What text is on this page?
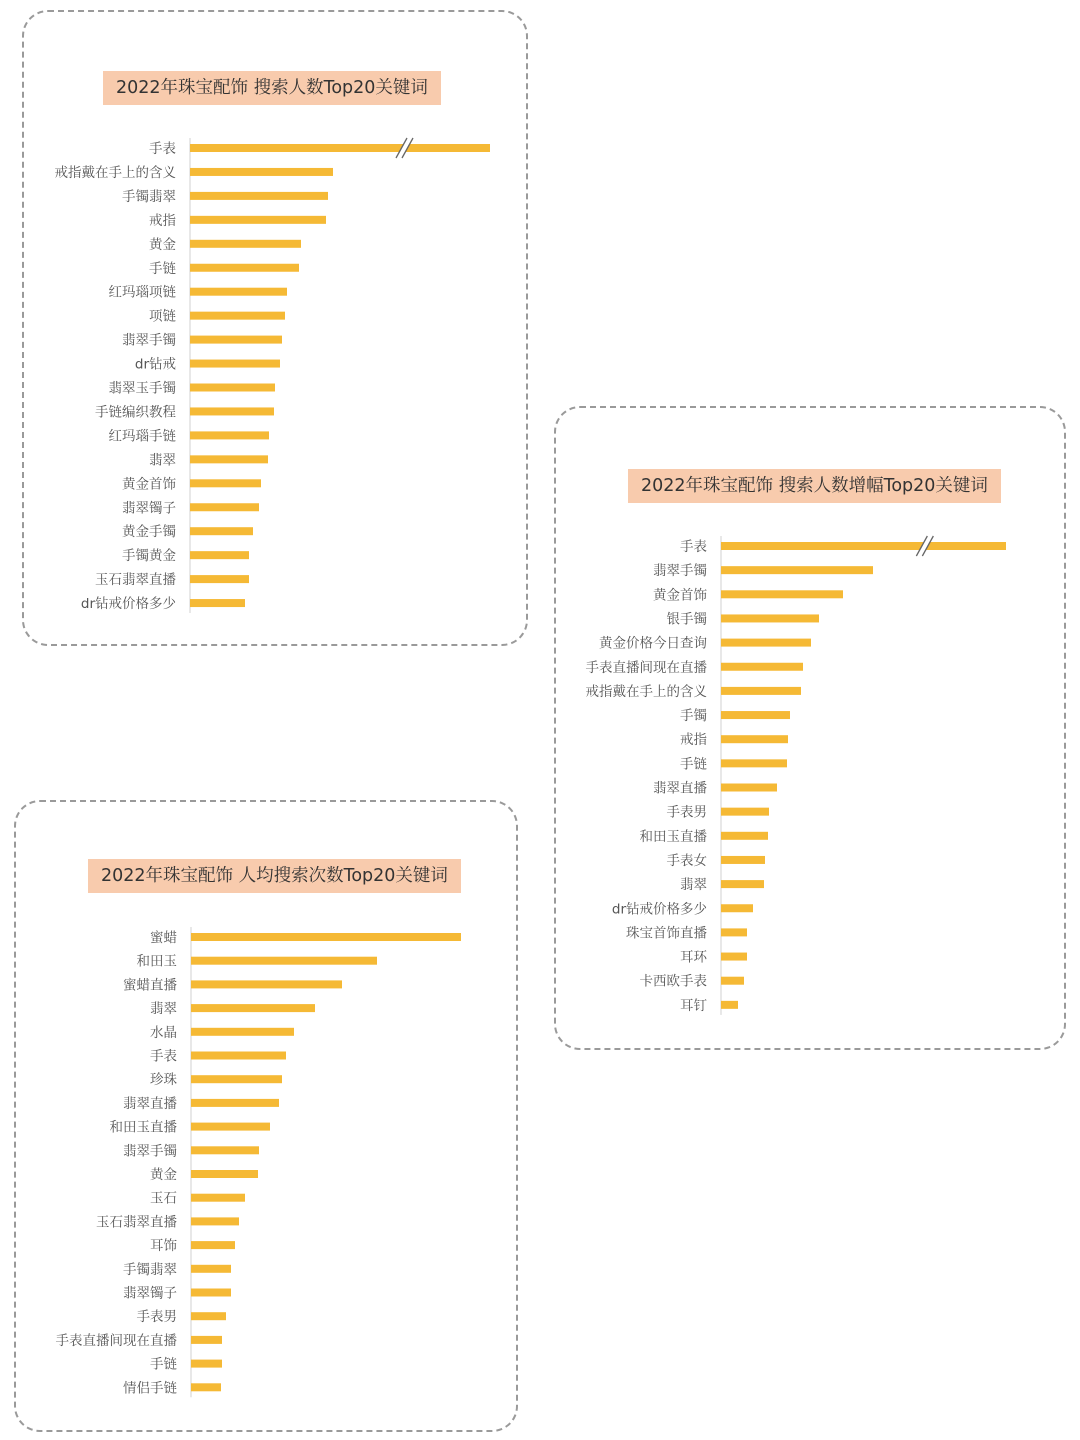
2022年珠宝配饰 搜索人数Top20关键词
手表
戒指戴在手上的含义
手镯翡翠
戒指
黄金
手链
红玛瑙项链
项链
翡翠手镯
dr钻戒
翡翠玉手镯
手链编织教程
红玛瑙手链
翡翠
黄金首饰
翡翠镯子
黄金手镯
手镯黄金
玉石翡翠直播
dr钻戒价格多少
2022年珠宝配饰 搜索人数增幅Top20关键词
手表
翡翠手镯
黄金首饰
银手镯
黄金价格今日查询
手表直播间现在直播
戒指戴在手上的含义
手镯
戒指
手链
翡翠直播
手表男
和田玉直播
手表女
翡翠
dr钻戒价格多少
珠宝首饰直播
耳环
卡西欧手表
耳钉
2022年珠宝配饰 人均搜索次数Top20关键词
蜜蜡
和田玉
蜜蜡直播
翡翠
水晶
手表
珍珠
翡翠直播
和田玉直播
翡翠手镯
黄金
玉石
玉石翡翠直播
耳饰
手镯翡翠
翡翠镯子
手表男
手表直播间现在直播
手链
情侣手链
